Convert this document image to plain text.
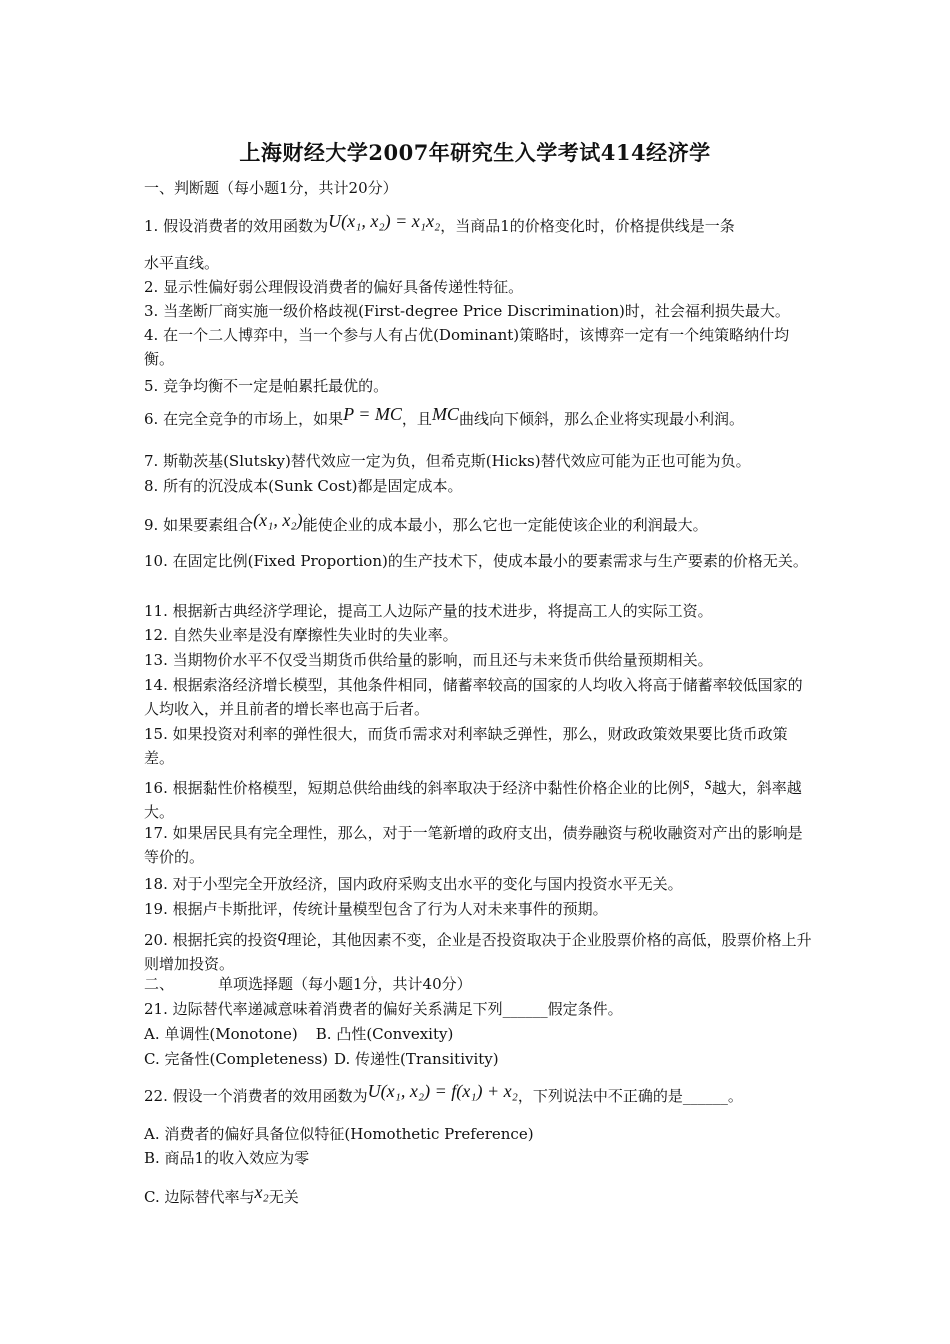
上海财经大学2007年研究生入学考试414经济学
一、判断题（每小题1分，共计20分）
1. 假设消费者的效用函数为U(x₁, x₂) = x₁x₂，当商品1的价格变化时，价格提供线是一条
水平直线。
2. 显示性偏好弱公理假设消费者的偏好具备传递性特征。
3. 当垄断厂商实施一级价格歧视(First-degree Price Discrimination)时，社会福利损失最大。
4. 在一个二人博弈中，当一个参与人有占优(Dominant)策略时，该博弈一定有一个纯策略纳什均衡。
5. 竞争均衡不一定是帕累托最优的。
6. 在完全竞争的市场上，如果P = MC，且MC曲线向下倾斜，那么企业将实现最小利润。
7. 斯勒茨基(Slutsky)替代效应一定为负，但希克斯(Hicks)替代效应可能为正也可能为负。
8. 所有的沉没成本(Sunk Cost)都是固定成本。
9. 如果要素组合(x₁, x₂)能使企业的成本最小，那么它也一定能使该企业的利润最大。
10. 在固定比例(Fixed Proportion)的生产技术下，使成本最小的要素需求与生产要素的价格无关。
11. 根据新古典经济学理论，提高工人边际产量的技术进步，将提高工人的实际工资。
12. 自然失业率是没有摩擦性失业时的失业率。
13. 当期物价水平不仅受当期货币供给量的影响，而且还与未来货币供给量预期相关。
14. 根据索洛经济增长模型，其他条件相同，储蓄率较高的国家的人均收入将高于储蓄率较低国家的人均收入，并且前者的增长率也高于后者。
15. 如果投资对利率的弹性很大，而货币需求对利率缺乏弹性，那么，财政政策效果要比货币政策差。
16. 根据黏性价格模型，短期总供给曲线的斜率取决于经济中黏性价格企业的比例s，s越大，斜率越大。
17. 如果居民具有完全理性，那么，对于一笔新增的政府支出，债券融资与税收融资对产出的影响是等价的。
18. 对于小型完全开放经济，国内政府采购支出水平的变化与国内投资水平无关。
19. 根据卢卡斯批评，传统计量模型包含了行为人对未来事件的预期。
20. 根据托宾的投资q理论，其他因素不变，企业是否投资取决于企业股票价格的高低，股票价格上升则增加投资。
二、	单项选择题（每小题1分，共计40分）
21. 边际替代率递减意味着消费者的偏好关系满足下列______假定条件。
A. 单调性(Monotone) B. 凸性(Convexity)
C. 完备性(Completeness) D. 传递性(Transitivity)
22. 假设一个消费者的效用函数为U(x₁, x₂) = f(x₁) + x₂，下列说法中不正确的是______。
A. 消费者的偏好具备位似特征(Homothetic Preference)
B. 商品1的收入效应为零
C. 边际替代率与x₂无关
